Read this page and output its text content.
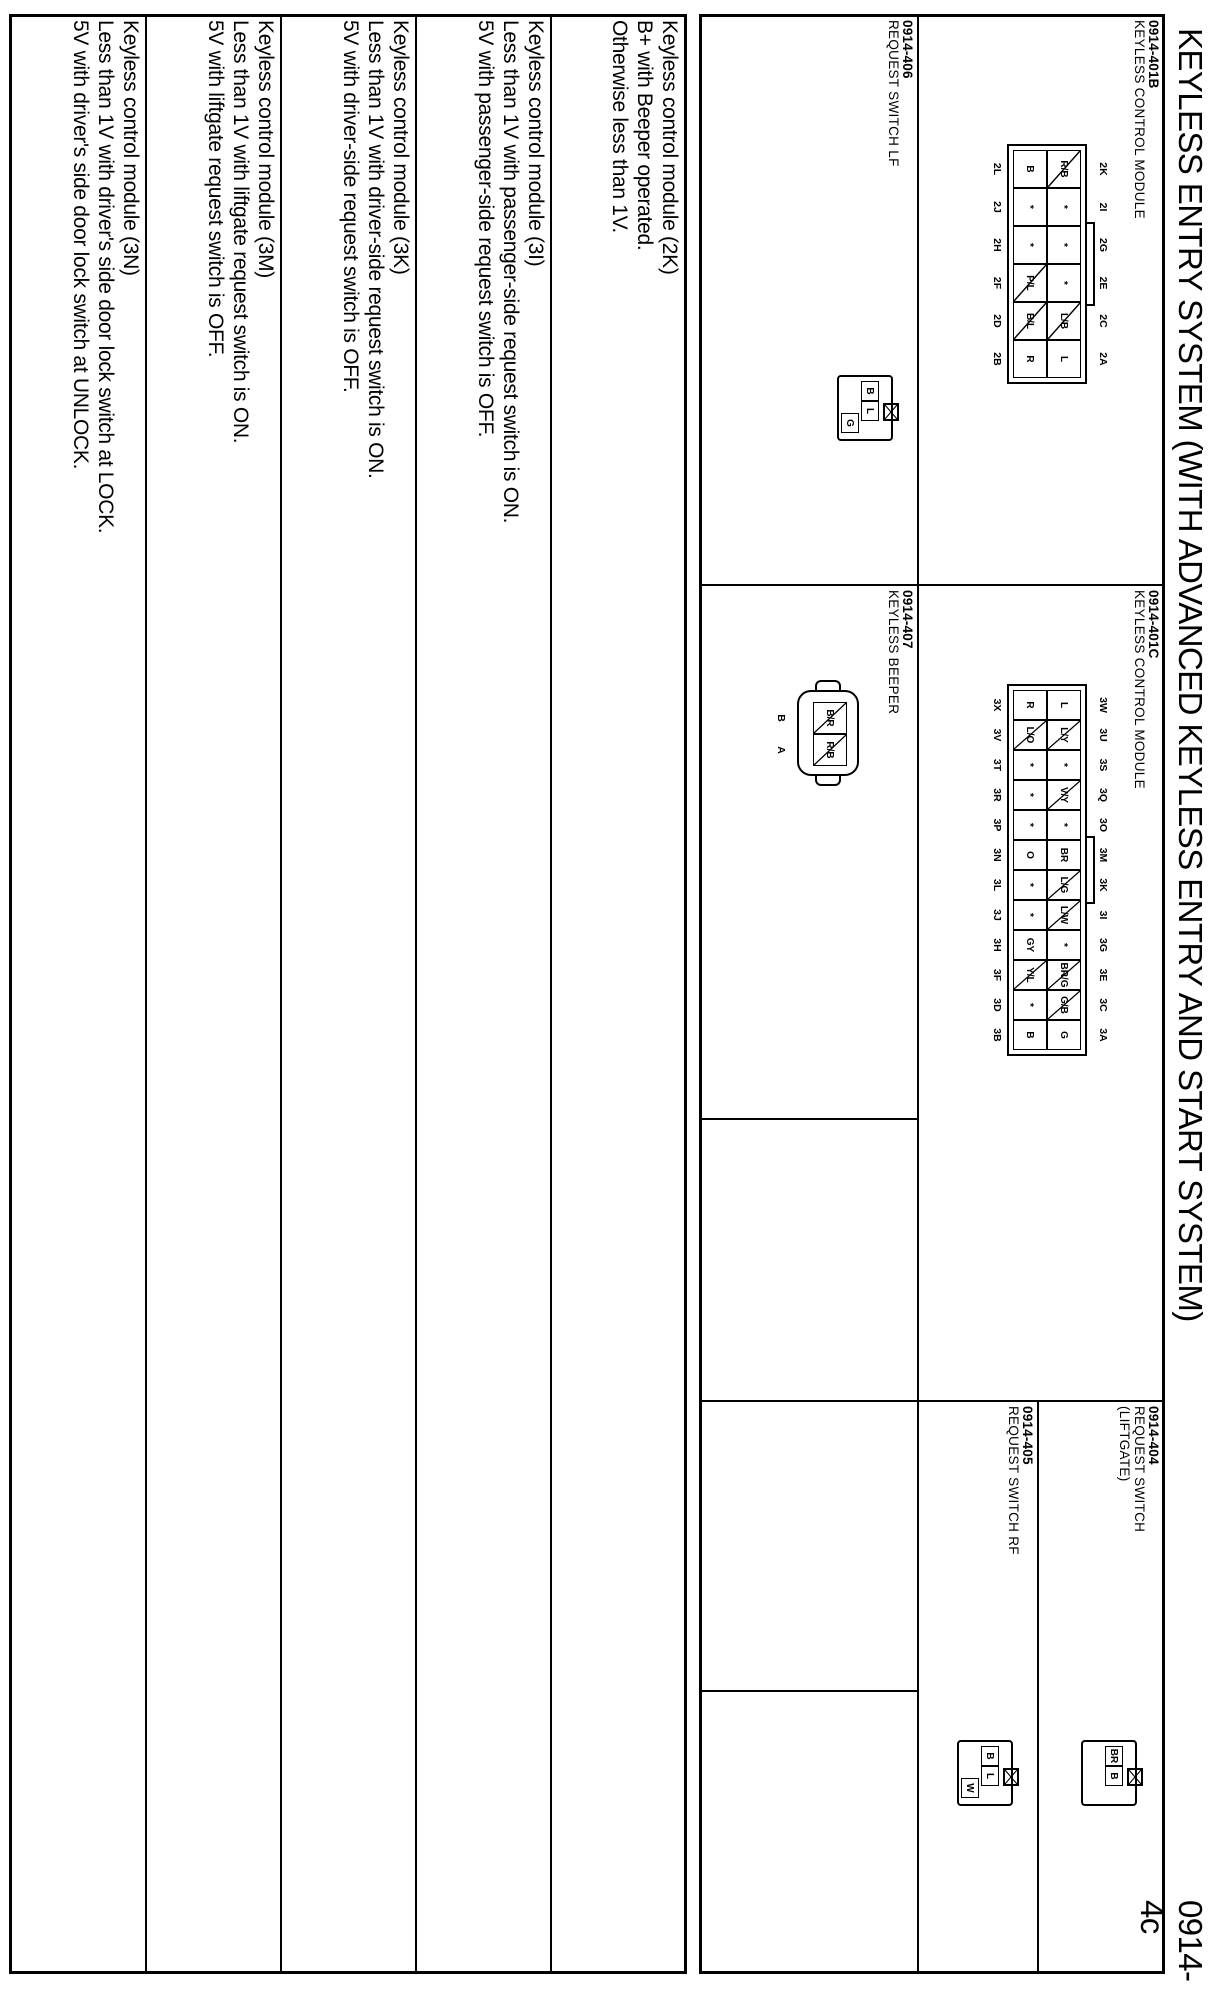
KEYLESS ENTRY SYSTEM (WITH ADVANCED KEYLESS ENTRY AND START SYSTEM)
0914-4c
0914-401B
KEYLESS CONTROL MODULE
R/B
*
*
*
L/B
L
B
*
*
P/L
B/L
R
2K
2I
2G
2E
2C
2A
2L
2J
2H
2F
2D
2B
0914-401C
KEYLESS CONTROL MODULE
L
L/Y
*
V/Y
*
BR
L/G
L/W
*
BR/G
G/B
G
R
L/O
*
*
*
O
*
*
GY
Y/L
*
B
3W
3U
3S
3Q
3O
3M
3K
3I
3G
3E
3C
3A
3X
3V
3T
3R
3P
3N
3L
3J
3H
3F
3D
3B
0914-404
REQUEST SWITCH (LIFTGATE)
BR
B
0914-405
REQUEST SWITCH RF
B
L
W
0914-406
REQUEST SWITCH LF
B
L
G
0914-407
KEYLESS BEEPER
B/R
B
R/B
A
Keyless control module (2K)
B+ with Beeper operated.
Otherwise less than 1V.
Keyless control module (3I)
Less than 1V with passenger-side request switch is ON.
5V with passenger-side request switch is OFF.
Keyless control module (3K)
Less than 1V with driver-side request switch is ON.
5V with driver-side request switch is OFF.
Keyless control module (3M)
Less than 1V with liftgate request switch is ON.
5V with liftgate request switch is OFF.
Keyless control module (3N)
Less than 1V with driver's side door lock switch at LOCK.
5V with driver's side door lock switch at UNLOCK.
